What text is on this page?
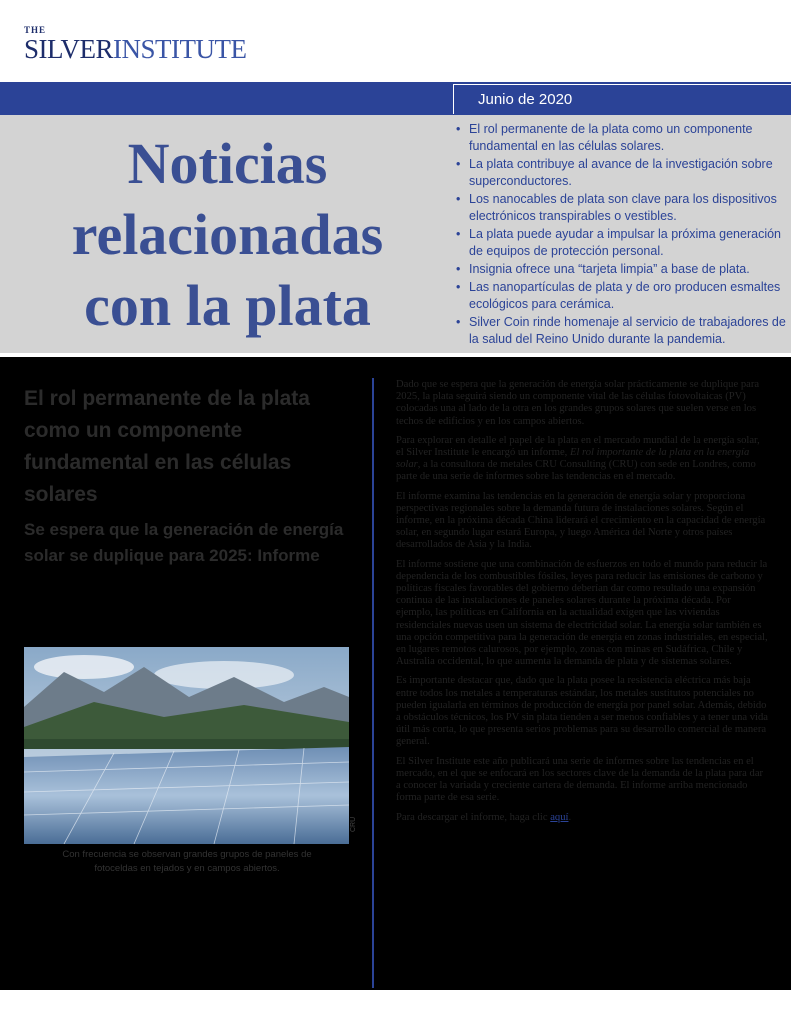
THE
SILVERINSTITUTE
Junio de 2020
Noticias
relacionadas
con la plata
• El rol permanente de la plata como un componente fundamental en las células solares.
• La plata contribuye al avance de la investigación sobre superconductores.
• Los nanocables de plata son clave para los dispositivos electrónicos transpirables o vestibles.
• La plata puede ayudar a impulsar la próxima generación de equipos de protección personal.
• Insignia ofrece una “tarjeta limpia” a base de plata.
• Las nanopartículas de plata y de oro producen esmaltes ecológicos para cerámica.
• Silver Coin rinde homenaje al servicio de trabajadores de la salud del Reino Unido durante la pandemia.
El rol permanente de la plata como un componente fundamental en las células solares
Se espera que la generación de energía solar se duplique para 2025: Informe
CRU

Con frecuencia se observan grandes grupos de paneles de fotoceldas en tejados y en campos abiertos.

Dado que se espera que la generación de energía solar prácticamente se duplique para 2025, la plata seguirá siendo un componente vital de las células fotovoltaicas (PV) colocadas una al lado de la otra en los grandes grupos solares que suelen verse en los techos de edificios y en los campos abiertos.

Para explorar en detalle el papel de la plata en el mercado mundial de la energía solar, el Silver Institute le encargó un informe, El rol importante de la plata en la energía solar, a la consultora de metales CRU Consulting (CRU) con sede en Londres, como parte de una serie de informes sobre las tendencias en el mercado.

El informe examina las tendencias en la generación de energía solar y proporciona perspectivas regionales sobre la demanda futura de instalaciones solares. Según el informe, en la próxima década China liderará el crecimiento en la capacidad de energía solar, en segundo lugar estará Europa, y luego América del Norte y otros países desarrollados de Asia y la India.

El informe sostiene que una combinación de esfuerzos en todo el mundo para reducir la dependencia de los combustibles fósiles, leyes para reducir las emisiones de carbono y políticas fiscales favorables del gobierno deberían dar como resultado una expansión continua de las instalaciones de paneles solares durante la próxima década. Por ejemplo, las políticas en California en la actualidad exigen que las viviendas residenciales nuevas usen un sistema de electricidad solar. La energía solar también es una opción competitiva para la generación de energía en zonas industriales, en especial, en lugares remotos calurosos, por ejemplo, zonas con minas en Sudáfrica, Chile y Australia occidental, lo que aumenta la demanda de plata y de sistemas solares.

Es importante destacar que, dado que la plata posee la resistencia eléctrica más baja entre todos los metales a temperaturas estándar, los metales sustitutos potenciales no pueden igualarla en términos de producción de energía por panel solar. Además, debido a obstáculos técnicos, los PV sin plata tienden a ser menos confiables y a tener una vida útil más corta, lo que presenta serios problemas para su desarrollo comercial de manera general.

El Silver Institute este año publicará una serie de informes sobre las tendencias en el mercado, en el que se enfocará en los sectores clave de la demanda de la plata para dar a conocer la variada y creciente cartera de demanda. El informe arriba mencionado forma parte de esa serie.

Para descargar el informe, haga clic aquí.
